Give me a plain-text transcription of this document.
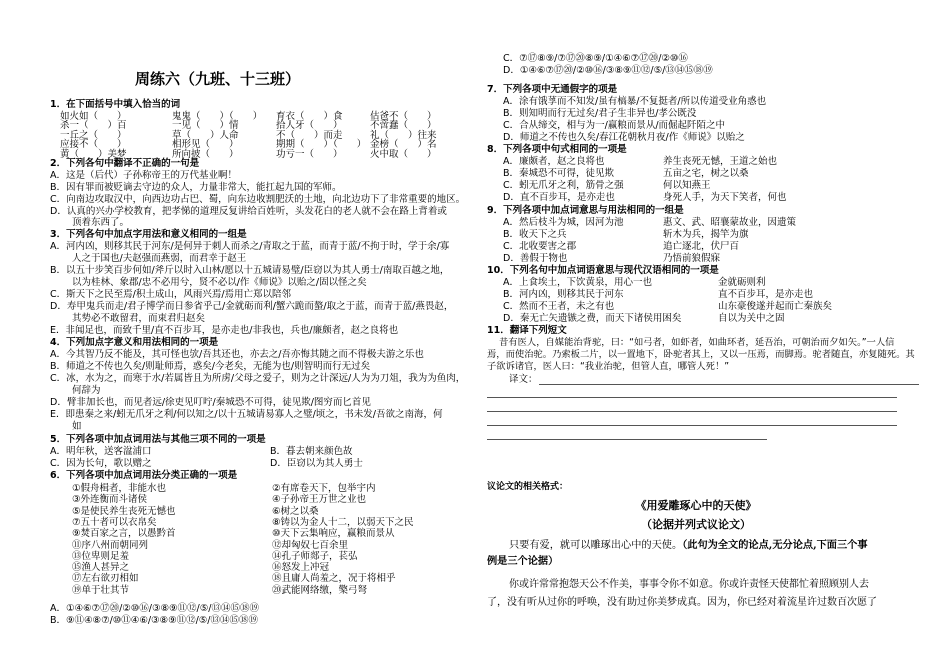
周练六（九班、十三班）
1．在下面括号中填入恰当的词
如火如（　　）	鬼鬼（　　）（　　） 育衣（　　）食	估爸不（　　）
杀一（　　）百	一见（　　）情	拾人牙（　　）	不啻蠢（　　）
一丘之（　　）	草（　　）人命	不（　　）而走	礼（　　）往来
应接不（　　）	相形见（　　）	期期（　　）（　　） 金榜（　　）名
黄（　　）美梦	所向披（　　）	功亏一（　　）	火中取（　　）
2．下列各句中翻译不正确的一句是
A．这是（后代）子孙称帝王的万代基业啊！
B．因有罪而被贬谪去守边的众人，力量非常大，能扛起九国的军师。
C．向南边攻取汉中，向西边功占巴、蜀，向东边收割肥沃的土地，向北边功下了非常重要的地区。
D．认真的兴办学校教育，把孝悌的道理反复讲给百姓听，头发花白的老人就不会在路上背着或
顶着东西了。
3．下列各句中加点字用法和意义相同的一组是
A．河内凶，则移其民于河东/是何异于刺人而杀之/青取之于蓝，而青于蓝/不拘于时，学于余/寡
人之于国也/夫赵强而燕弱，而君幸于赵王
B．以五十步笑百步何如/斧斤以时入山林/愿以十五城请易璧/臣窃以为其人勇士/南取百越之地，
以为桂林、象郡/忠不必用兮，贤不必以/作《师说》以贻之/固以怪之矣
C．斯天下之民至焉/积土成山，风雨兴焉/焉用亡郑以陪邻
D．寿甲鬼兵而走/君子博学而日参省乎己/金就砺而利/蟹六跪而螯/取之于蓝，而青于蓝/燕畏赵，
其势必不敢留君，而束君归赵矣
E．非闻足也，而致千里/直不百步耳，是亦走也/非我也，兵也/廉颇者，赵之良将也
4．下列加点字意义和用法相同的一项是
A．今其智乃反不能及，其可怪也欤/吾其还也，亦去之/吾亦悔其随之而不得极夫游之乐也
B．师道之不传也久矣/则耻师焉，惑矣/今老矣，无能为也/则智明而行无过矣
C．冰，水为之，而寒于水/若属皆且为所虏/父母之爱子，则为之计深远/人为为刀俎，我为为鱼肉，
何辞为
D．臂非加长也，而见者远/徐吏见叮咛/秦城恐不可得，徒见欺/图穷而匕首见
E．即患秦之来/蚓无爪牙之利/何以知之/以十五城请易寡人之璧/顷之，书未发/吾欲之南海，何
如
5．下列各项中加点词用法与其他三项不同的一项是
A．明年秋，送客湓浦口	B．暮去朝来颜色故
C．因为长句，歌以赠之	D．臣窃以为其人勇士
6．下列各项中加点词用法分类正确的一项是
①假舟楫者，非能水也	②有席卷天下，包举宇内
③外连衡而斗诸侯	④子孙帝王万世之业也
⑤是使民养生丧死无憾也	⑥树之以桑
⑦五十者可以衣帛矣	⑧铸以为金人十二，以弱天下之民
⑨焚百家之言，以愚黔首	⑩天下云集响应，赢粮而景从
⑪序八州而朝同列	⑫却匈奴七百余里
⑬位卑则足羞	⑭孔子师郯子，苌弘
⑮渔人甚异之	⑯怒发上冲冠
⑰左右欲刃相如	⑱且庸人尚羞之，况于将相乎
⑲单于壮其节	⑳武能网络缴，檠弓弩
A．①④⑥⑦⑰⑳/②⑩⑯/③⑧⑨⑪⑫/⑤/⑬⑭⑮⑱⑲
B．⑨⑪④⑧⑦/⑩⑪④⑥/③⑧⑨⑪⑫/⑤/⑬⑭⑮⑱⑲
C．⑦⑰⑧⑨/⑦⑰⑳⑧⑨/①④⑥⑦⑰⑳/②⑩⑯
D．①④⑥⑦⑰⑳/②⑩⑯/③⑧⑨⑪⑫/⑤/⑬⑭⑮⑱⑲
7．下列各项中无通假字的项是
A．涂有饿莩而不知发/虽有槁暴/不复挺者/所以传道受业角惑也
B．则知明而行无过矣/君子生非异也/孝公既没
C．合从缔交，相与为一/赢粮而景从/而倔起阡陌之中
D．师道之不传也久矣/春江花朝秋月夜/作《师说》以贻之
8．下列各项中句式相同的一项是
A．廉颇者，赵之良将也	养生丧死无憾，王道之始也
B．秦城恐不可得，徒见欺	五亩之宅，树之以桑
C．蚓无爪牙之利，筋骨之强	何以知燕王
D．直不百步耳，是亦走也	身死人手，为天下笑者，何也
9．下列各项中加点词意思与用法相同的一组是
A．然后枝斗为城，因河为池	惠文、武、昭襄蒙故业，因遗策
B．收天下之兵	斩木为兵，揭竿为旗
C．北收要害之郡	追亡逐北，伏尸百
D．善假于物也	乃悟前狼假寐
10．下列名句中加点词语意思与现代汉语相同的一项是
A．上食埃土，下饮黄泉，用心一也	金就砺则利
B．河内凶，则移其民于河东	直不百步耳，是亦走也
C．然而不王者，未之有也	山东豪俊遂并起而亡秦族矣
D．秦无亡矢遗镞之费，而天下诸侯用困矣	自以为关中之固
11．翻译下列短文
昔有医人，自媒能治背驼，曰：“如弓者，如虾者，如曲环者，延吾治，可朝治而夕如矢。”一人信
焉，而使治驼。乃索板二片，以一置地下，卧驼者其上，又以一压焉，而脚焉。驼者随直，亦复随死。其
子欲诉诸官，医人曰：“我业治驼，但管人直，哪管人死！”
译文：
议论文的相关格式：
《用爱雕琢心中的天使》
（论据并列式议论文）
只要有爱，就可以雕琢出心中的天使。（此句为全文的论点,无分论点,下面三个事
例是三个论据）
你或许常常抱怨天公不作美，事事令你不如意。你或许责怪天使都忙着照顾别人去
了，没有听从过你的呼唤，没有助过你美梦成真。因为，你已经对着流星许过数百次愿了
